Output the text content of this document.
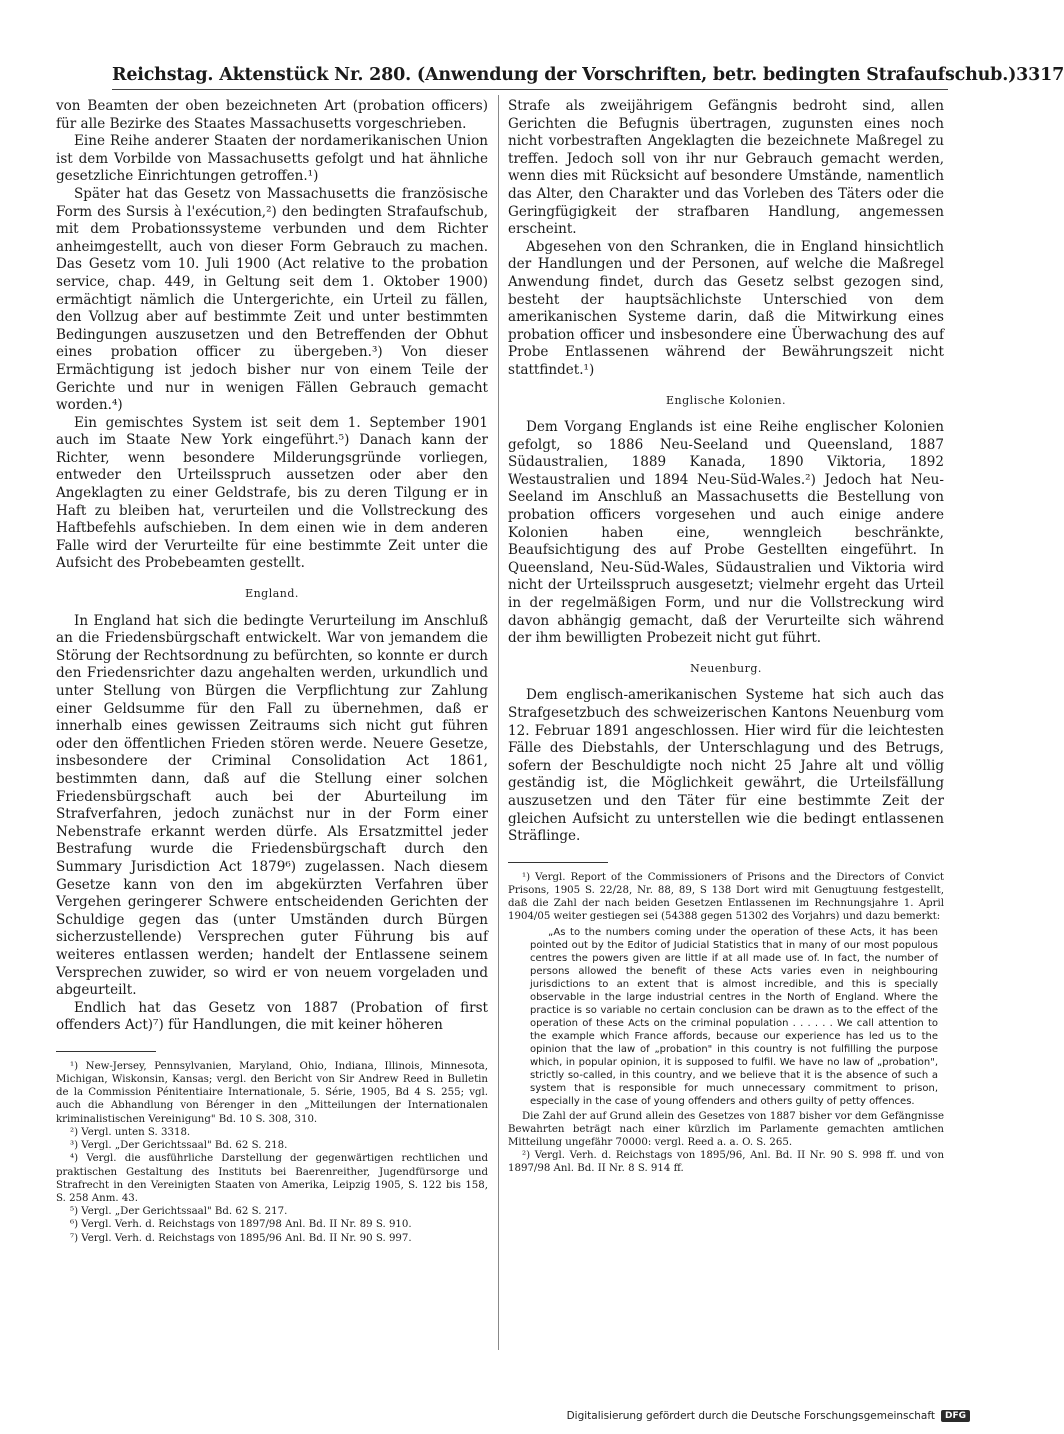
Reichstag. Aktenstück Nr. 280. (Anwendung der Vorschriften, betr. bedingten Strafaufschub.) 3317

von Beamten der oben bezeichneten Art (probation officers) für alle Bezirke des Staates Massachusetts vorgeschrieben.

Eine Reihe anderer Staaten der nordamerikanischen Union ist dem Vorbilde von Massachusetts gefolgt und hat ähnliche gesetzliche Einrichtungen getroffen.¹)

Später hat das Gesetz von Massachusetts die französische Form des Sursis à l'exécution,²) den bedingten Strafaufschub, mit dem Probationssysteme verbunden und dem Richter anheimgestellt, auch von dieser Form Gebrauch zu machen. Das Gesetz vom 10. Juli 1900 (Act relative to the probation service, chap. 449, in Geltung seit dem 1. Oktober 1900) ermächtigt nämlich die Untergerichte, ein Urteil zu fällen, den Vollzug aber auf bestimmte Zeit und unter bestimmten Bedingungen auszusetzen und den Betreffenden der Obhut eines probation officer zu übergeben.³) Von dieser Ermächtigung ist jedoch bisher nur von einem Teile der Gerichte und nur in wenigen Fällen Gebrauch gemacht worden.⁴)

Ein gemischtes System ist seit dem 1. September 1901 auch im Staate New York eingeführt.⁵) Danach kann der Richter, wenn besondere Milderungsgründe vorliegen, entweder den Urteilsspruch aussetzen oder aber den Angeklagten zu einer Geldstrafe, bis zu deren Tilgung er in Haft zu bleiben hat, verurteilen und die Vollstreckung des Haftbefehls aufschieben. In dem einen wie in dem anderen Falle wird der Verurteilte für eine bestimmte Zeit unter die Aufsicht des Probebeamten gestellt.

England.

In England hat sich die bedingte Verurteilung im Anschluß an die Friedensbürgschaft entwickelt. War von jemandem die Störung der Rechtsordnung zu befürchten, so konnte er durch den Friedensrichter dazu angehalten werden, urkundlich und unter Stellung von Bürgen die Verpflichtung zur Zahlung einer Geldsumme für den Fall zu übernehmen, daß er innerhalb eines gewissen Zeitraums sich nicht gut führen oder den öffentlichen Frieden stören werde. Neuere Gesetze, insbesondere der Criminal Consolidation Act 1861, bestimmten dann, daß auf die Stellung einer solchen Friedensbürgschaft auch bei der Aburteilung im Strafverfahren, jedoch zunächst nur in der Form einer Nebenstrafe erkannt werden dürfe. Als Ersatzmittel jeder Bestrafung wurde die Friedensbürgschaft durch den Summary Jurisdiction Act 1879⁶) zugelassen. Nach diesem Gesetze kann von den im abgekürzten Verfahren über Vergehen geringerer Schwere entscheidenden Gerichten der Schuldige gegen das (unter Umständen durch Bürgen sicherzustellende) Versprechen guter Führung bis auf weiteres entlassen werden; handelt der Entlassene seinem Versprechen zuwider, so wird er von neuem vorgeladen und abgeurteilt.

Endlich hat das Gesetz von 1887 (Probation of first offenders Act)⁷) für Handlungen, die mit keiner höheren

¹) New-Jersey, Pennsylvanien, Maryland, Ohio, Indiana, Illinois, Minnesota, Michigan, Wiskonsin, Kansas; vergl. den Bericht von Sir Andrew Reed in Bulletin de la Commission Pénitentiaire Internationale, 5. Série, 1905, Bd 4 S. 255; vgl. auch die Abhandlung von Bérenger in den „Mitteilungen der Internationalen kriminalistischen Vereinigung" Bd. 10 S. 308, 310.

²) Vergl. unten S. 3318.

³) Vergl. „Der Gerichtssaal" Bd. 62 S. 218.

⁴) Vergl. die ausführliche Darstellung der gegenwärtigen rechtlichen und praktischen Gestaltung des Instituts bei Baerenreither, Jugendfürsorge und Strafrecht in den Vereinigten Staaten von Amerika, Leipzig 1905, S. 122 bis 158, S. 258 Anm. 43.

⁵) Vergl. „Der Gerichtssaal" Bd. 62 S. 217.

⁶) Vergl. Verh. d. Reichstags von 1897/98 Anl. Bd. II Nr. 89 S. 910.

⁷) Vergl. Verh. d. Reichstags von 1895/96 Anl. Bd. II Nr. 90 S. 997.

Strafe als zweijährigem Gefängnis bedroht sind, allen Gerichten die Befugnis übertragen, zugunsten eines noch nicht vorbestraften Angeklagten die bezeichnete Maßregel zu treffen. Jedoch soll von ihr nur Gebrauch gemacht werden, wenn dies mit Rücksicht auf besondere Umstände, namentlich das Alter, den Charakter und das Vorleben des Täters oder die Geringfügigkeit der strafbaren Handlung, angemessen erscheint.

Abgesehen von den Schranken, die in England hinsichtlich der Handlungen und der Personen, auf welche die Maßregel Anwendung findet, durch das Gesetz selbst gezogen sind, besteht der hauptsächlichste Unterschied von dem amerikanischen Systeme darin, daß die Mitwirkung eines probation officer und insbesondere eine Überwachung des auf Probe Entlassenen während der Bewährungszeit nicht stattfindet.¹)

Englische Kolonien.

Dem Vorgang Englands ist eine Reihe englischer Kolonien gefolgt, so 1886 Neu-Seeland und Queensland, 1887 Südaustralien, 1889 Kanada, 1890 Viktoria, 1892 Westaustralien und 1894 Neu-Süd-Wales.²) Jedoch hat Neu-Seeland im Anschluß an Massachusetts die Bestellung von probation officers vorgesehen und auch einige andere Kolonien haben eine, wenngleich beschränkte, Beaufsichtigung des auf Probe Gestellten eingeführt. In Queensland, Neu-Süd-Wales, Südaustralien und Viktoria wird nicht der Urteilsspruch ausgesetzt; vielmehr ergeht das Urteil in der regelmäßigen Form, und nur die Vollstreckung wird davon abhängig gemacht, daß der Verurteilte sich während der ihm bewilligten Probezeit nicht gut führt.

Neuenburg.

Dem englisch-amerikanischen Systeme hat sich auch das Strafgesetzbuch des schweizerischen Kantons Neuenburg vom 12. Februar 1891 angeschlossen. Hier wird für die leichtesten Fälle des Diebstahls, der Unterschlagung und des Betrugs, sofern der Beschuldigte noch nicht 25 Jahre alt und völlig geständig ist, die Möglichkeit gewährt, die Urteilsfällung auszusetzen und den Täter für eine bestimmte Zeit der gleichen Aufsicht zu unterstellen wie die bedingt entlassenen Sträflinge.

¹) Vergl. Report of the Commissioners of Prisons and the Directors of Convict Prisons, 1905 S. 22/28, Nr. 88, 89, S 138 Dort wird mit Genugtuung festgestellt, daß die Zahl der nach beiden Gesetzen Entlassenen im Rechnungsjahre 1. April 1904/05 weiter gestiegen sei (54388 gegen 51302 des Vorjahrs) und dazu bemerkt:

„As to the numbers coming under the operation of these Acts, it has been pointed out by the Editor of Judicial Statistics that in many of our most populous centres the powers given are little if at all made use of. In fact, the number of persons allowed the benefit of these Acts varies even in neighbouring jurisdictions to an extent that is almost incredible, and this is specially observable in the large industrial centres in the North of England. Where the practice is so variable no certain conclusion can be drawn as to the effect of the operation of these Acts on the criminal population . . . . . . We call attention to the example which France affords, because our experience has led us to the opinion that the law of „probation" in this country is not fulfilling the purpose which, in popular opinion, it is supposed to fulfil. We have no law of „probation", strictly so-called, in this country, and we believe that it is the absence of such a system that is responsible for much unnecessary commitment to prison, especially in the case of young offenders and others guilty of petty offences.

Die Zahl der auf Grund allein des Gesetzes von 1887 bisher vor dem Gefängnisse Bewahrten beträgt nach einer kürzlich im Parlamente gemachten amtlichen Mitteilung ungefähr 70000: vergl. Reed a. a. O. S. 265.

²) Vergl. Verh. d. Reichstags von 1895/96, Anl. Bd. II Nr. 90 S. 998 ff. und von 1897/98 Anl. Bd. II Nr. 8 S. 914 ff.

Digitalisierung gefördert durch die Deutsche Forschungsgemeinschaft	DFG
